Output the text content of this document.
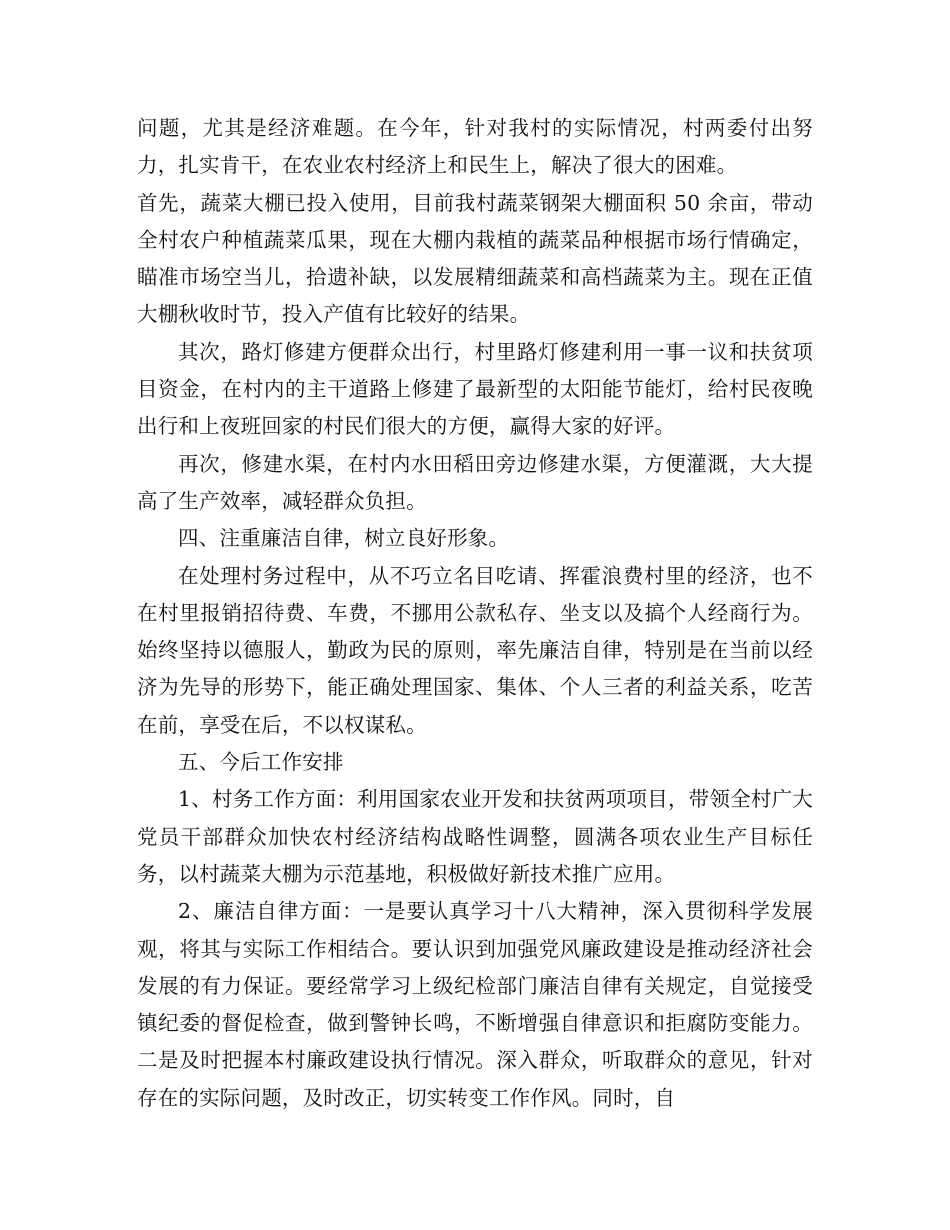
问题，尤其是经济难题。在今年，针对我村的实际情况，村两委付出努力，扎实肯干，在农业农村经济上和民生上，解决了很大的困难。

首先，蔬菜大棚已投入使用，目前我村蔬菜钢架大棚面积 50 余亩，带动全村农户种植蔬菜瓜果，现在大棚内栽植的蔬菜品种根据市场行情确定，瞄准市场空当儿，拾遗补缺，以发展精细蔬菜和高档蔬菜为主。现在正值大棚秋收时节，投入产值有比较好的结果。

其次，路灯修建方便群众出行，村里路灯修建利用一事一议和扶贫项目资金，在村内的主干道路上修建了最新型的太阳能节能灯，给村民夜晚出行和上夜班回家的村民们很大的方便，赢得大家的好评。

再次，修建水渠，在村内水田稻田旁边修建水渠，方便灌溉，大大提高了生产效率，减轻群众负担。

四、注重廉洁自律，树立良好形象。

在处理村务过程中，从不巧立名目吃请、挥霍浪费村里的经济，也不在村里报销招待费、车费，不挪用公款私存、坐支以及搞个人经商行为。始终坚持以德服人，勤政为民的原则，率先廉洁自律，特别是在当前以经济为先导的形势下，能正确处理国家、集体、个人三者的利益关系，吃苦在前，享受在后，不以权谋私。

五、今后工作安排

1、村务工作方面：利用国家农业开发和扶贫两项项目，带领全村广大党员干部群众加快农村经济结构战略性调整，圆满各项农业生产目标任务，以村蔬菜大棚为示范基地，积极做好新技术推广应用。

2、廉洁自律方面：一是要认真学习十八大精神，深入贯彻科学发展观，将其与实际工作相结合。要认识到加强党风廉政建设是推动经济社会发展的有力保证。要经常学习上级纪检部门廉洁自律有关规定，自觉接受镇纪委的督促检查，做到警钟长鸣，不断增强自律意识和拒腐防变能力。二是及时把握本村廉政建设执行情况。深入群众，听取群众的意见，针对存在的实际问题，及时改正，切实转变工作作风。同时，自
